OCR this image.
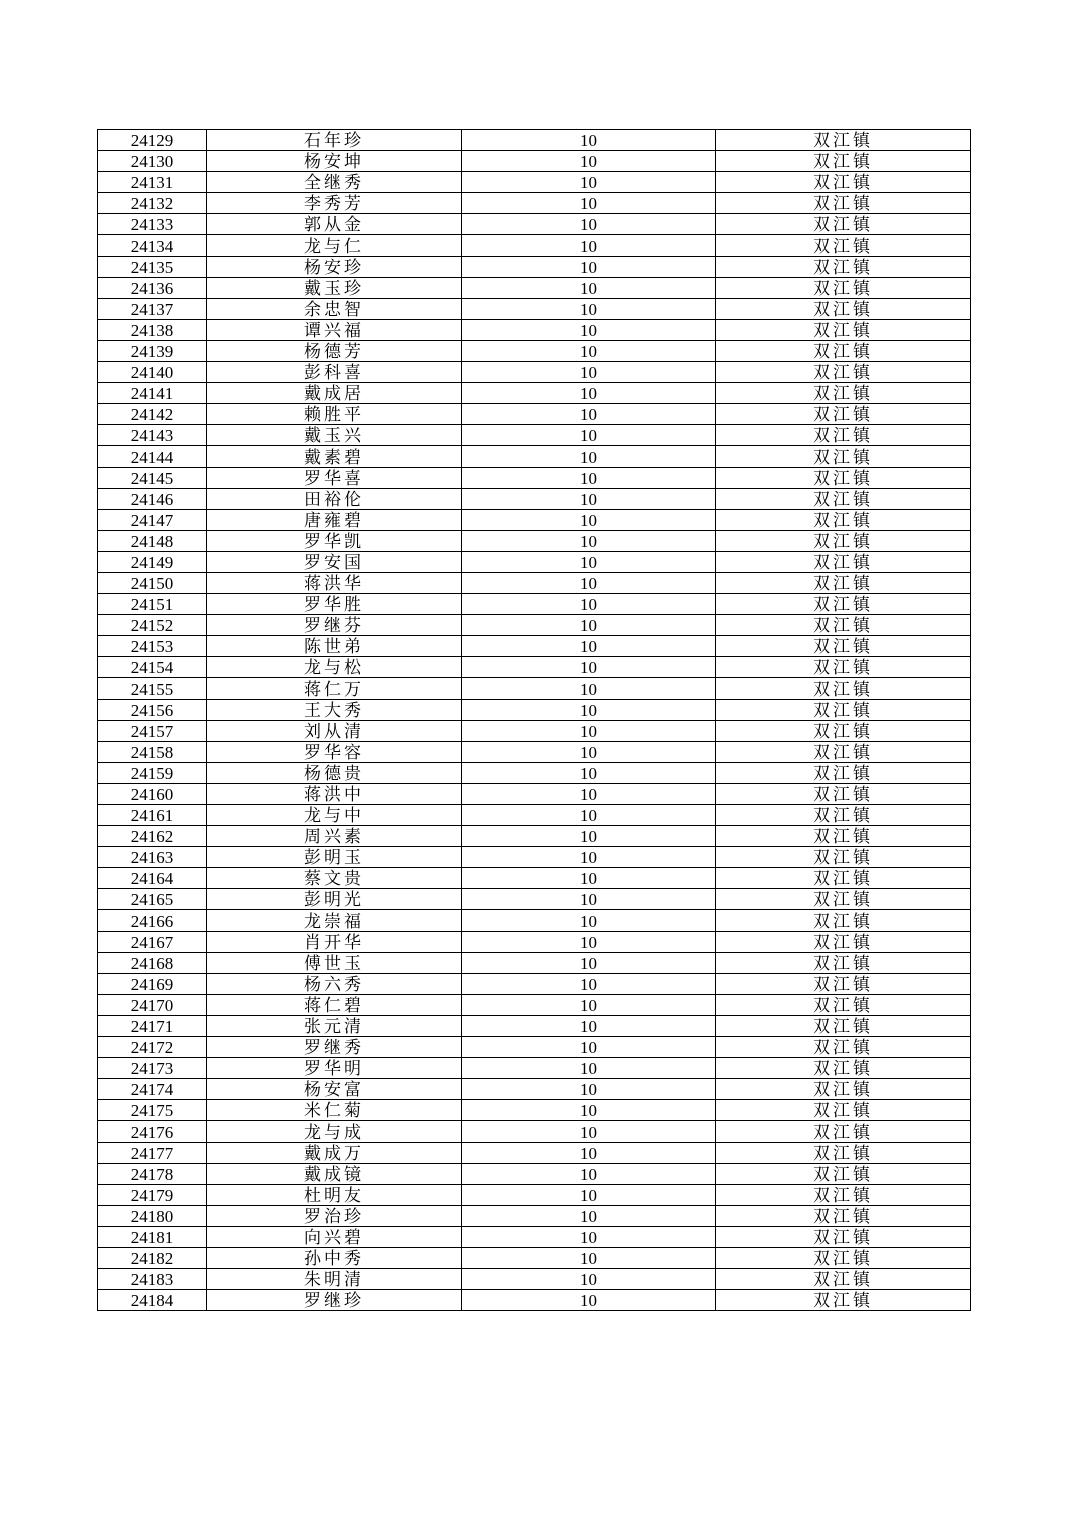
24129	石年珍	10	双江镇
24130	杨安坤	10	双江镇
24131	全继秀	10	双江镇
24132	李秀芳	10	双江镇
24133	郭从金	10	双江镇
24134	龙与仁	10	双江镇
24135	杨安珍	10	双江镇
24136	戴玉珍	10	双江镇
24137	余忠智	10	双江镇
24138	谭兴福	10	双江镇
24139	杨德芳	10	双江镇
24140	彭科喜	10	双江镇
24141	戴成居	10	双江镇
24142	赖胜平	10	双江镇
24143	戴玉兴	10	双江镇
24144	戴素碧	10	双江镇
24145	罗华喜	10	双江镇
24146	田裕伦	10	双江镇
24147	唐雍碧	10	双江镇
24148	罗华凯	10	双江镇
24149	罗安国	10	双江镇
24150	蒋洪华	10	双江镇
24151	罗华胜	10	双江镇
24152	罗继芬	10	双江镇
24153	陈世弟	10	双江镇
24154	龙与松	10	双江镇
24155	蒋仁万	10	双江镇
24156	王大秀	10	双江镇
24157	刘从清	10	双江镇
24158	罗华容	10	双江镇
24159	杨德贵	10	双江镇
24160	蒋洪中	10	双江镇
24161	龙与中	10	双江镇
24162	周兴素	10	双江镇
24163	彭明玉	10	双江镇
24164	蔡文贵	10	双江镇
24165	彭明光	10	双江镇
24166	龙崇福	10	双江镇
24167	肖开华	10	双江镇
24168	傅世玉	10	双江镇
24169	杨六秀	10	双江镇
24170	蒋仁碧	10	双江镇
24171	张元清	10	双江镇
24172	罗继秀	10	双江镇
24173	罗华明	10	双江镇
24174	杨安富	10	双江镇
24175	米仁菊	10	双江镇
24176	龙与成	10	双江镇
24177	戴成万	10	双江镇
24178	戴成镜	10	双江镇
24179	杜明友	10	双江镇
24180	罗治珍	10	双江镇
24181	向兴碧	10	双江镇
24182	孙中秀	10	双江镇
24183	朱明清	10	双江镇
24184	罗继珍	10	双江镇
